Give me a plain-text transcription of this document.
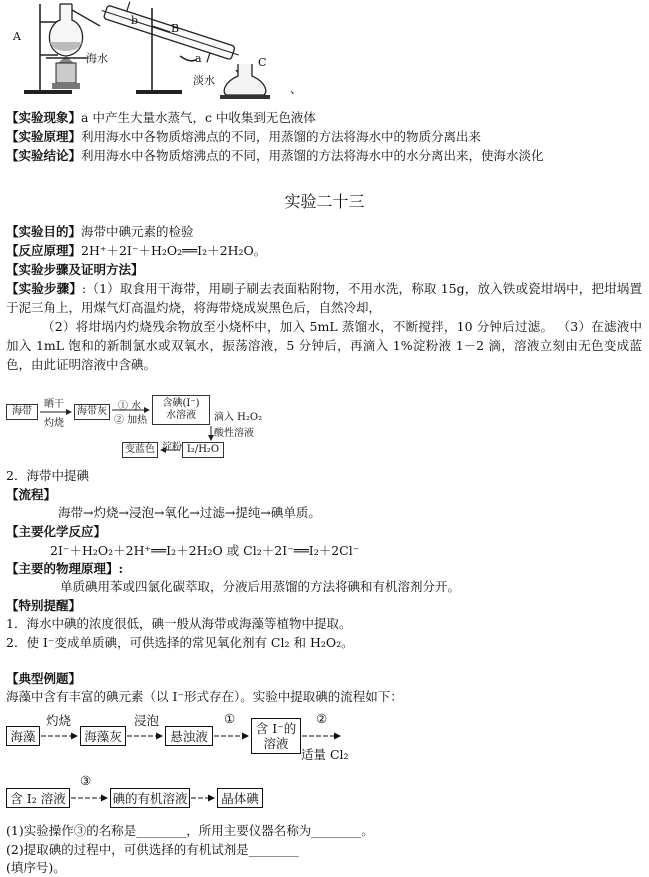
A
海水
b
B
a
淡水
C
、
【实验现象】a 中产生大量水蒸气，c 中收集到无色液体
【实验原理】利用海水中各物质熔沸点的不同，用蒸馏的方法将海水中的物质分离出来
【实验结论】利用海水中各物质熔沸点的不同，用蒸馏的方法将海水中的水分离出来，使海水淡化
实验二十三
【实验目的】海带中碘元素的检验
【反应原理】2H⁺＋2I⁻＋H₂O₂══I₂＋2H₂O。
【实验步骤及证明方法】
【实验步骤】:（1）取食用干海带，用刷子刷去表面粘附物，不用水洗，称取 15g，放入铁或瓷坩埚中，把坩埚置于泥三角上，用煤气灯高温灼烧，将海带烧成炭黑色后，自然冷却，
（2）将坩埚内灼烧残余物放至小烧杯中，加入 5mL 蒸馏水，不断搅拌，10 分钟后过滤。 （3）在滤液中加入 1mL 饱和的新制氯水或双氧水，振荡溶液，5 分钟后，再滴入 1%淀粉液 1－2 滴，溶液立刻由无色变成蓝色，由此证明溶液中含碘。
海带
晒干
灼烧
海带灰	① 水
② 加热
含碘(I⁻)
水溶液 滴入 H₂O₂
酸性溶液
I₂/H₂O
淀粉
变蓝色
2．海带中提碘
【流程】
海带→灼烧→浸泡→氧化→过滤→提纯→碘单质。
【主要化学反应】
2I⁻＋H₂O₂＋2H⁺══I₂＋2H₂O 或 Cl₂＋2I⁻══I₂＋2Cl⁻
【主要的物理原理】:
单质碘用苯或四氯化碳萃取，分液后用蒸馏的方法将碘和有机溶剂分开。
【特别提醒】
1．海水中碘的浓度很低，碘一般从海带或海藻等植物中提取。
2．使 I⁻变成单质碘，可供选择的常见氧化剂有 Cl₂ 和 H₂O₂。
【典型例题】
海藻中含有丰富的碘元素（以 I⁻形式存在）。实验中提取碘的流程如下：
海藻
灼烧
海藻灰
浸泡
悬浊液
①
含 I⁻的
溶液
②
适量 Cl₂
含 I₂ 溶液
③
碘的有机溶液	晶体碘
(1)实验操作③的名称是________，所用主要仪器名称为________。
(2)提取碘的过程中，可供选择的有机试剂是________
(填序号)。
